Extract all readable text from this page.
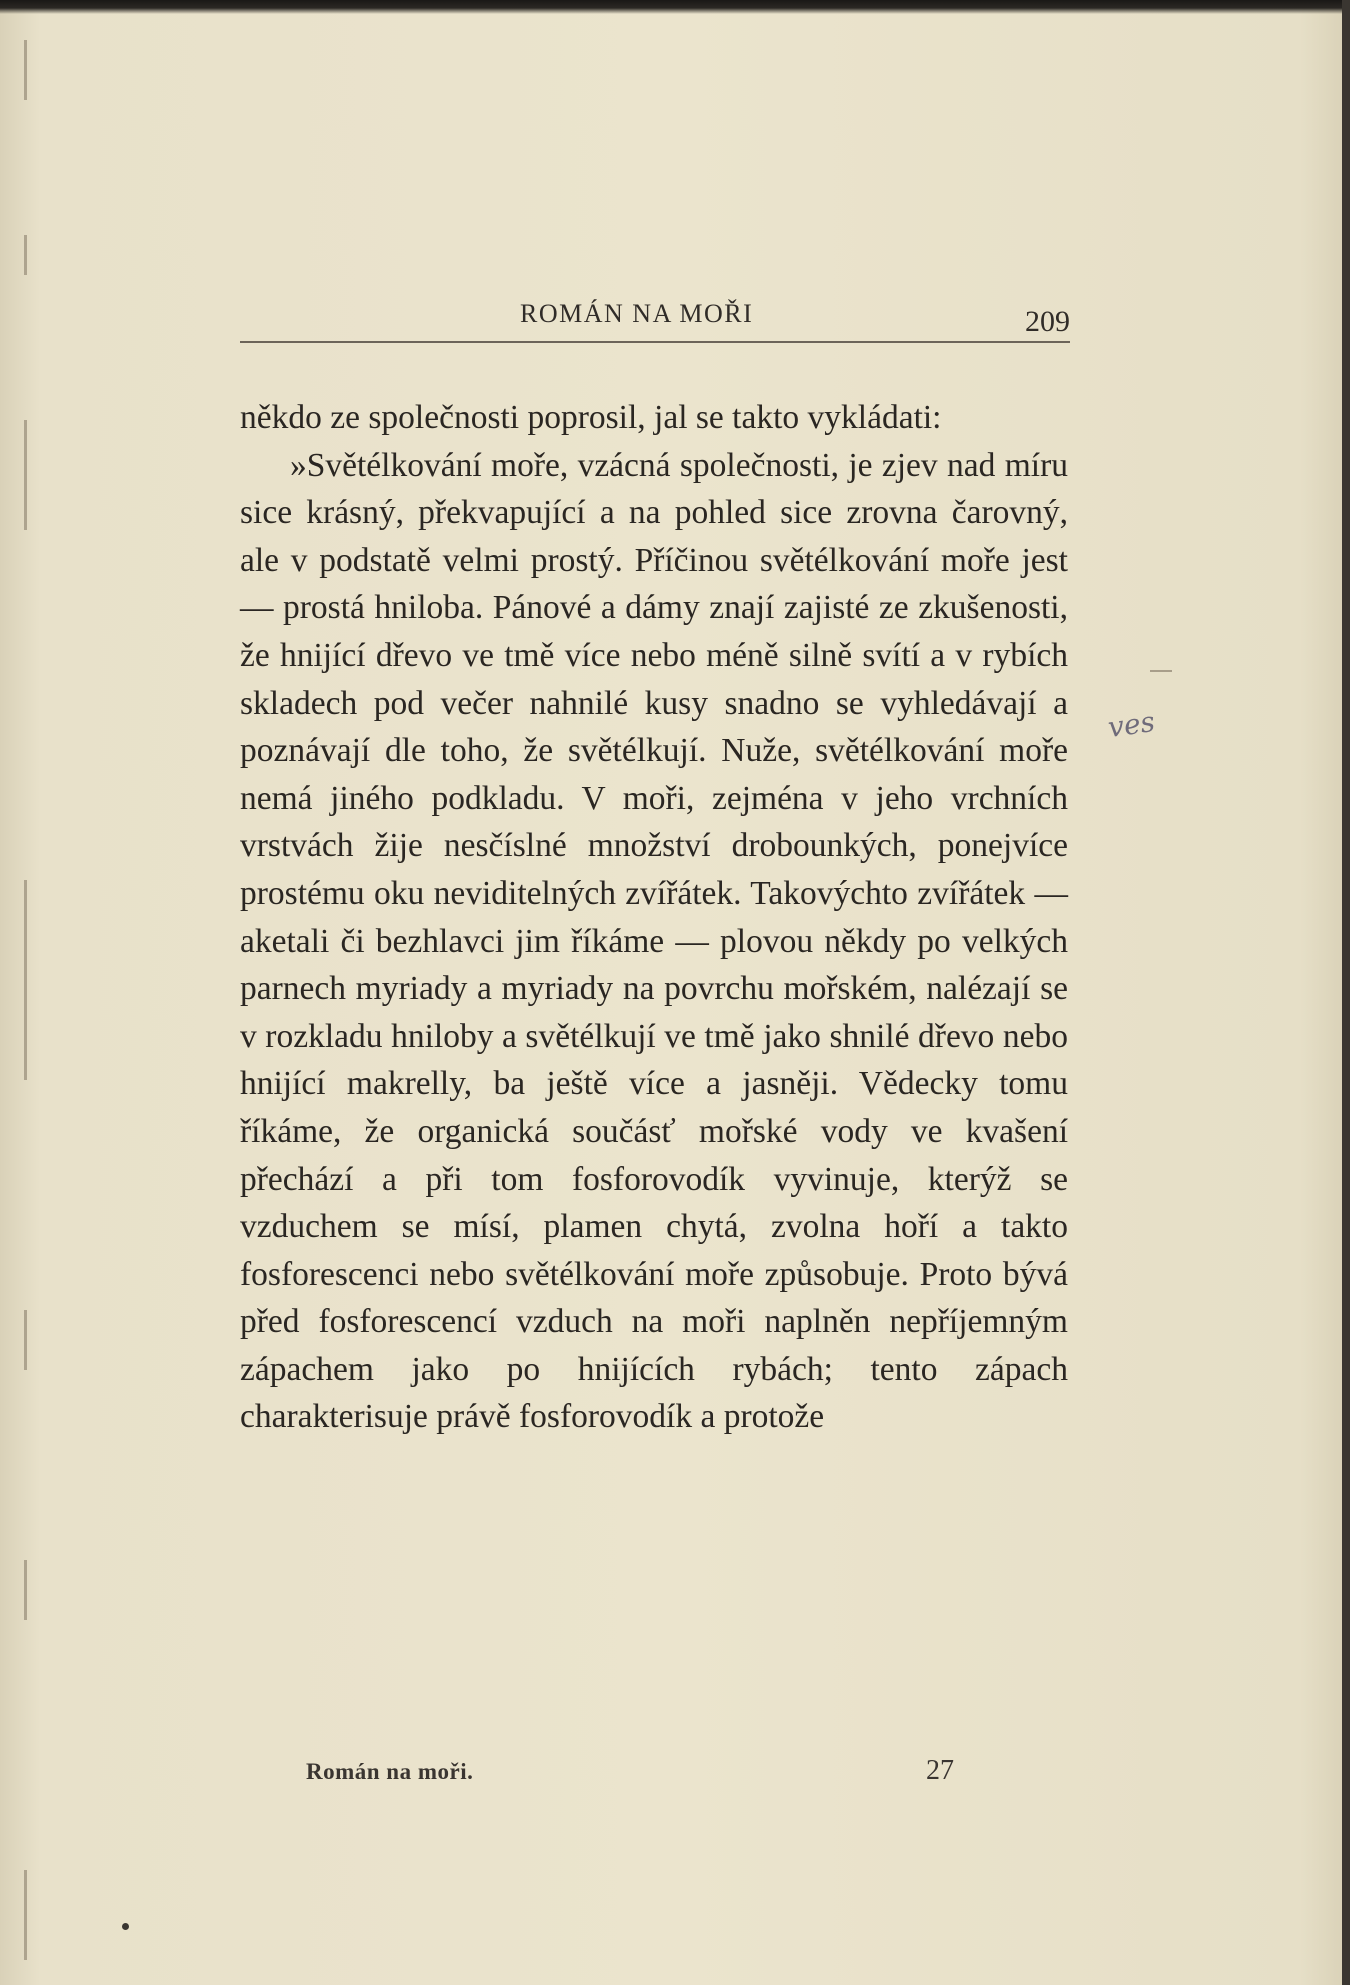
ROMÁN NA MOŘI	209

někdo ze společnosti poprosil, jal se takto vykládati:

»Světélkování moře, vzácná společnosti, je zjev nad míru sice krásný, překvapující a na pohled sice zrovna čarovný, ale v podstatě velmi prostý. Příčinou světélkování moře jest — prostá hniloba. Pánové a dámy znají zajisté ze zkušenosti, že hnijící dřevo ve tmě více nebo méně silně svítí a v rybích skladech pod večer nahnilé kusy snadno se vyhledávají a poznávají dle toho, že světélkují. Nuže, světélkování moře nemá jiného podkladu. V moři, zejména v jeho vrchních vrstvách žije nesčíslné množství drobounkých, ponejvíce prostému oku neviditelných zvířátek. Takovýchto zvířátek — aketali či bezhlavci jim říkáme — plovou někdy po velkých parnech myriady a myriady na povrchu mořském, nalézají se v rozkladu hniloby a světélkují ve tmě jako shnilé dřevo nebo hnijící makrelly, ba ještě více a jasněji. Vědecky tomu říkáme, že organická součásť mořské vody ve kvašení přechází a při tom fosforovodík vyvinuje, kterýž se vzduchem se mísí, plamen chytá, zvolna hoří a takto fosforescenci nebo světélkování moře způsobuje. Proto bývá před fosforescencí vzduch na moři naplněn nepříjemným zápachem jako po hnijících rybách; tento zápach charakterisuje právě fosforovodík a protože

ves
Román na moři.	27
